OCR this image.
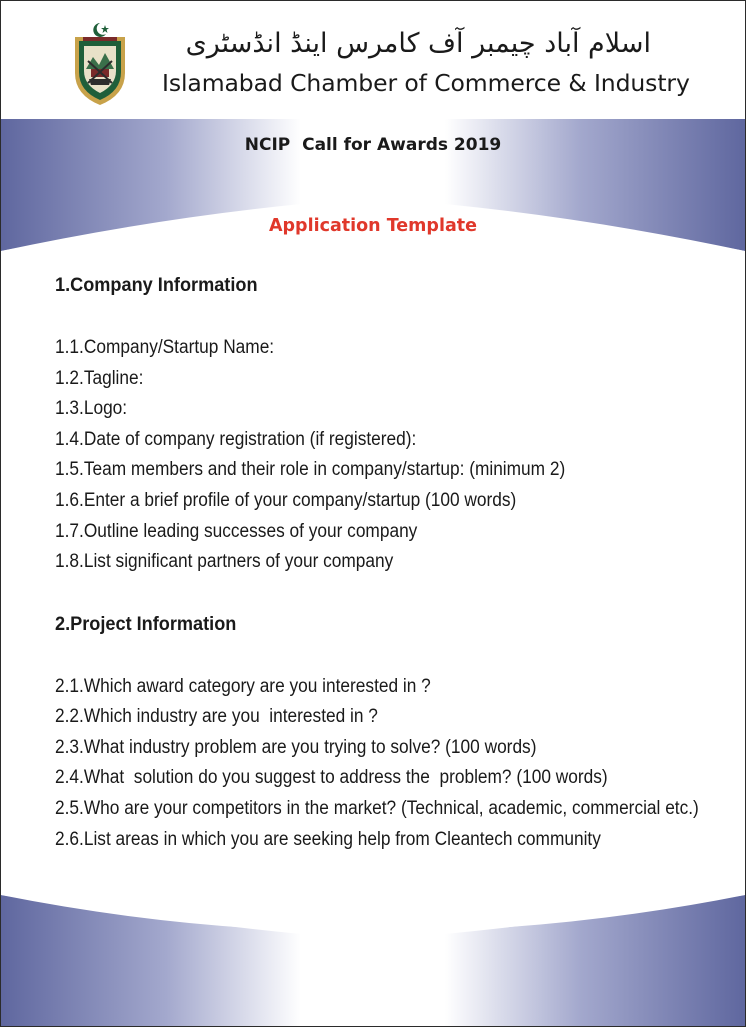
اسلام آباد چیمبر آف کامرس اینڈ انڈسٹری
Islamabad Chamber of Commerce & Industry
NCIP  Call for Awards 2019
Application Template
1.Company Information
1.1.Company/Startup Name:
1.2.Tagline:
1.3.Logo:
1.4.Date of company registration (if registered):
1.5.Team members and their role in company/startup: (minimum 2)
1.6.Enter a brief profile of your company/startup (100 words)
1.7.Outline leading successes of your company
1.8.List significant partners of your company
2.Project Information
2.1.Which award category are you interested in ?
2.2.Which industry are you  interested in ?
2.3.What industry problem are you trying to solve? (100 words)
2.4.What  solution do you suggest to address the  problem? (100 words)
2.5.Who are your competitors in the market? (Technical, academic, commercial etc.)
2.6.List areas in which you are seeking help from Cleantech community
